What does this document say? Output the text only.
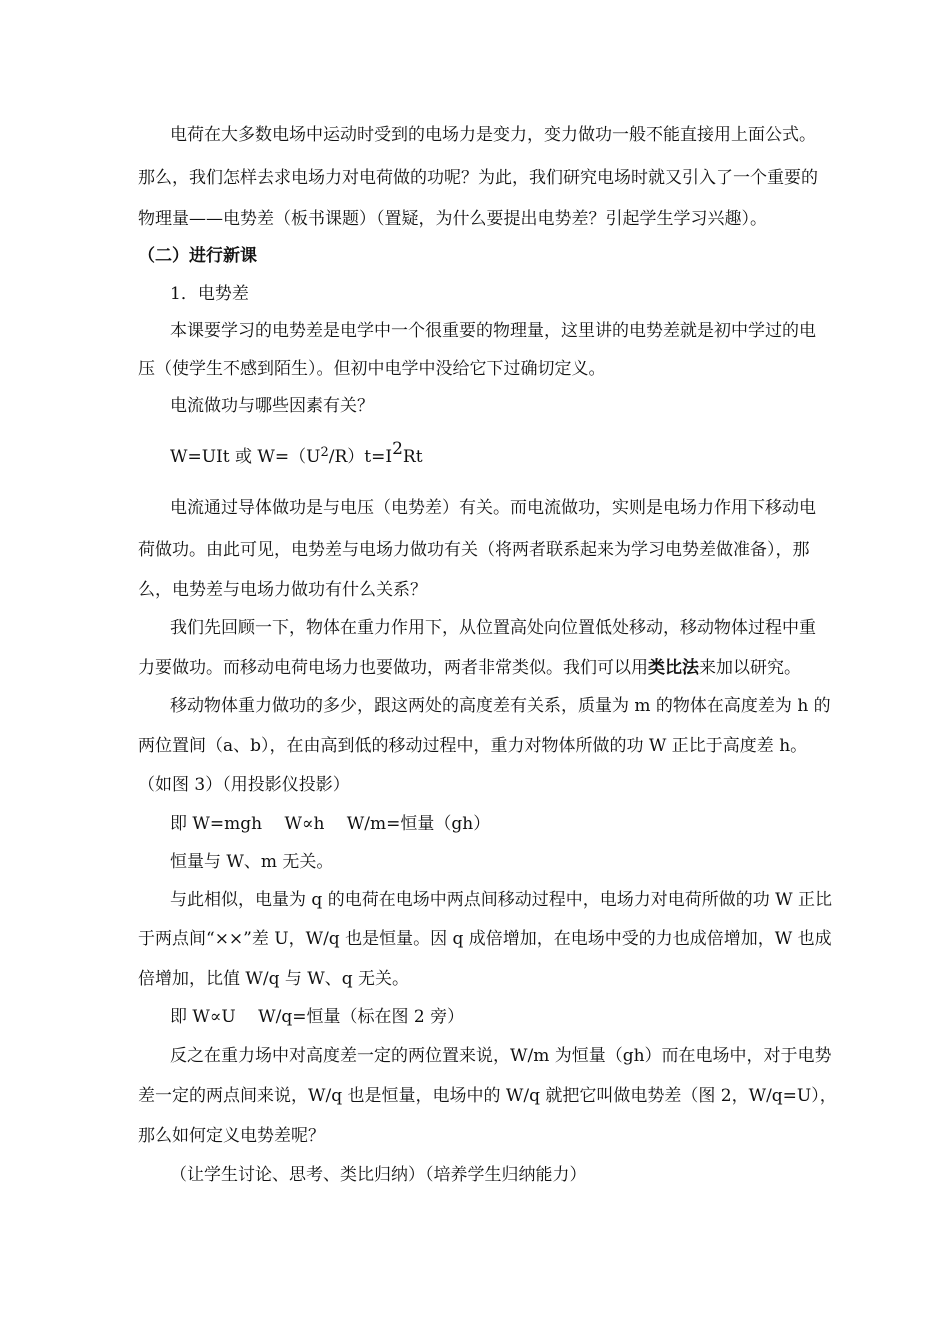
电荷在大多数电场中运动时受到的电场力是变力，变力做功一般不能直接用上面公式。

那么，我们怎样去求电场力对电荷做的功呢？为此，我们研究电场时就又引入了一个重要的

物理量——电势差（板书课题）（置疑，为什么要提出电势差？引起学生学习兴趣）。

（二）进行新课

1．电势差

本课要学习的电势差是电学中一个很重要的物理量，这里讲的电势差就是初中学过的电

压（使学生不感到陌生）。但初中电学中没给它下过确切定义。

电流做功与哪些因素有关？

W=UIt 或 $W=(U^2/R)t=I^2Rt$

电流通过导体做功是与电压（电势差）有关。而电流做功，实则是电场力作用下移动电

荷做功。由此可见，电势差与电场力做功有关（将两者联系起来为学习电势差做准备），那

么，电势差与电场力做功有什么关系？

我们先回顾一下，物体在重力作用下，从位置高处向位置低处移动，移动物体过程中重

力要做功。而移动电荷电场力也要做功，两者非常类似。我们可以用类比法来加以研究。

移动物体重力做功的多少，跟这两处的高度差有关系，质量为 m 的物体在高度差为 h 的

两位置间（a、b），在由高到低的移动过程中，重力对物体所做的功 W 正比于高度差 h。

（如图 3）（用投影仪投影）

即 W=mgh　 W∝h　 W/m=恒量（gh）

恒量与 W、m 无关。

与此相似，电量为 q 的电荷在电场中两点间移动过程中，电场力对电荷所做的功 W 正比

于两点间“××”差 U，W/q 也是恒量。因 q 成倍增加，在电场中受的力也成倍增加，W 也成

倍增加，比值 W/q 与 W、q 无关。

即 W∝U　 W/q=恒量（标在图 2 旁）

反之在重力场中对高度差一定的两位置来说，W/m 为恒量（gh）而在电场中，对于电势

差一定的两点间来说，W/q 也是恒量，电场中的 W/q 就把它叫做电势差（图 2，W/q=U），

那么如何定义电势差呢？

（让学生讨论、思考、类比归纳）（培养学生归纳能力）
